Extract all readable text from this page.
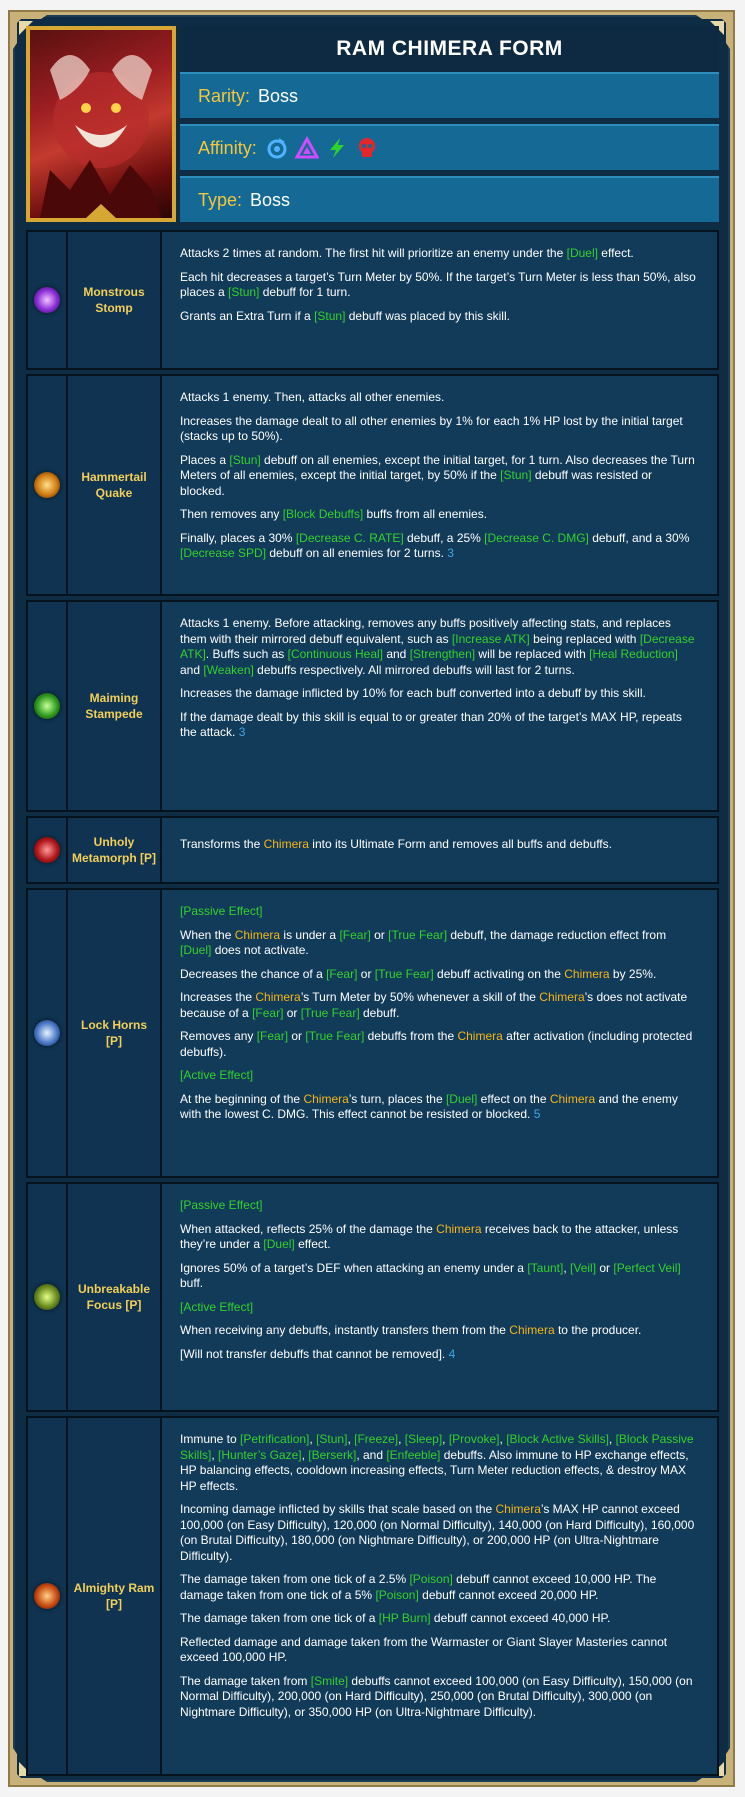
RAM CHIMERA FORM
Rarity: Boss
Affinity:
Type: Boss
Monstrous Stomp

Attacks 2 times at random. The first hit will prioritize an enemy under the [Duel] effect.

Each hit decreases a target’s Turn Meter by 50%. If the target’s Turn Meter is less than 50%, also places a [Stun] debuff for 1 turn.

Grants an Extra Turn if a [Stun] debuff was placed by this skill.

Hammertail Quake

Attacks 1 enemy. Then, attacks all other enemies.

Increases the damage dealt to all other enemies by 1% for each 1% HP lost by the initial target (stacks up to 50%).

Places a [Stun] debuff on all enemies, except the initial target, for 1 turn. Also decreases the Turn Meters of all enemies, except the initial target, by 50% if the [Stun] debuff was resisted or blocked.

Then removes any [Block Debuffs] buffs from all enemies.

Finally, places a 30% [Decrease C. RATE] debuff, a 25% [Decrease C. DMG] debuff, and a 30% [Decrease SPD] debuff on all enemies for 2 turns. 3

Maiming Stampede

Attacks 1 enemy. Before attacking, removes any buffs positively affecting stats, and replaces them with their mirrored debuff equivalent, such as [Increase ATK] being replaced with [Decrease ATK]. Buffs such as [Continuous Heal] and [Strengthen] will be replaced with [Heal Reduction] and [Weaken] debuffs respectively. All mirrored debuffs will last for 2 turns.

Increases the damage inflicted by 10% for each buff converted into a debuff by this skill.

If the damage dealt by this skill is equal to or greater than 20% of the target’s MAX HP, repeats the attack. 3

Unholy Metamorph [P]

Transforms the Chimera into its Ultimate Form and removes all buffs and debuffs.

Lock Horns [P]

[Passive Effect]

When the Chimera is under a [Fear] or [True Fear] debuff, the damage reduction effect from [Duel] does not activate.

Decreases the chance of a [Fear] or [True Fear] debuff activating on the Chimera by 25%.

Increases the Chimera’s Turn Meter by 50% whenever a skill of the Chimera’s does not activate because of a [Fear] or [True Fear] debuff.

Removes any [Fear] or [True Fear] debuffs from the Chimera after activation (including protected debuffs).

[Active Effect]

At the beginning of the Chimera’s turn, places the [Duel] effect on the Chimera and the enemy with the lowest C. DMG. This effect cannot be resisted or blocked. 5

Unbreakable Focus [P]

[Passive Effect]

When attacked, reflects 25% of the damage the Chimera receives back to the attacker, unless they’re under a [Duel] effect.

Ignores 50% of a target’s DEF when attacking an enemy under a [Taunt], [Veil] or [Perfect Veil] buff.

[Active Effect]

When receiving any debuffs, instantly transfers them from the Chimera to the producer.

[Will not transfer debuffs that cannot be removed]. 4

Almighty Ram [P]

Immune to [Petrification], [Stun], [Freeze], [Sleep], [Provoke], [Block Active Skills], [Block Passive Skills], [Hunter’s Gaze], [Berserk], and [Enfeeble] debuffs. Also immune to HP exchange effects, HP balancing effects, cooldown increasing effects, Turn Meter reduction effects, & destroy MAX HP effects.

Incoming damage inflicted by skills that scale based on the Chimera’s MAX HP cannot exceed 100,000 (on Easy Difficulty), 120,000 (on Normal Difficulty), 140,000 (on Hard Difficulty), 160,000 (on Brutal Difficulty), 180,000 (on Nightmare Difficulty), or 200,000 HP (on Ultra-Nightmare Difficulty).

The damage taken from one tick of a 2.5% [Poison] debuff cannot exceed 10,000 HP. The damage taken from one tick of a 5% [Poison] debuff cannot exceed 20,000 HP.

The damage taken from one tick of a [HP Burn] debuff cannot exceed 40,000 HP.

Reflected damage and damage taken from the Warmaster or Giant Slayer Masteries cannot exceed 100,000 HP.

The damage taken from [Smite] debuffs cannot exceed 100,000 (on Easy Difficulty), 150,000 (on Normal Difficulty), 200,000 (on Hard Difficulty), 250,000 (on Brutal Difficulty), 300,000 (on Nightmare Difficulty), or 350,000 HP (on Ultra-Nightmare Difficulty).
